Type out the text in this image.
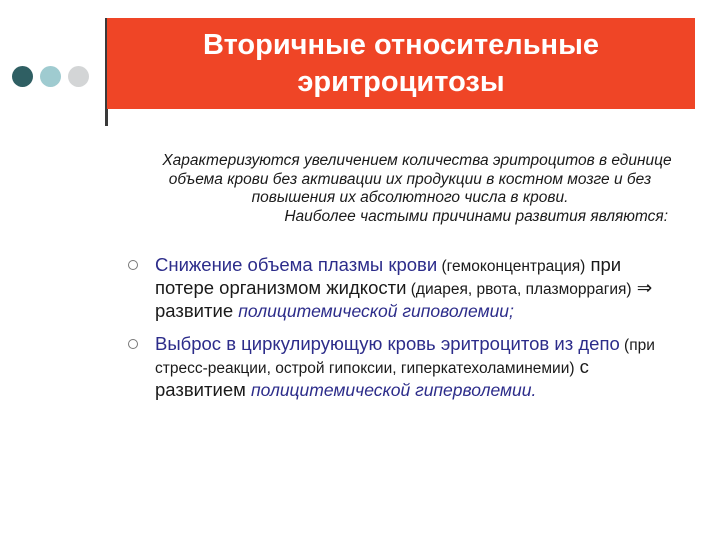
Вторичные относительные
эритроцитозы

Характеризуются увеличением количества эритроцитов в единице объема крови без активации их продукции в костном мозге и без повышения их абсолютного числа в крови.

Наиболее частыми причинами развития являются:

Снижение объема плазмы крови (гемоконцентрация) при потере организмом жидкости (диарея, рвота, плазморрагия) ⇒ развитие полицитемической гиповолемии;
Выброс в циркулирующую кровь эритроцитов из депо (при стресс-реакции, острой гипоксии, гиперкатехоламинемии) с развитием полицитемической гиперволемии.
